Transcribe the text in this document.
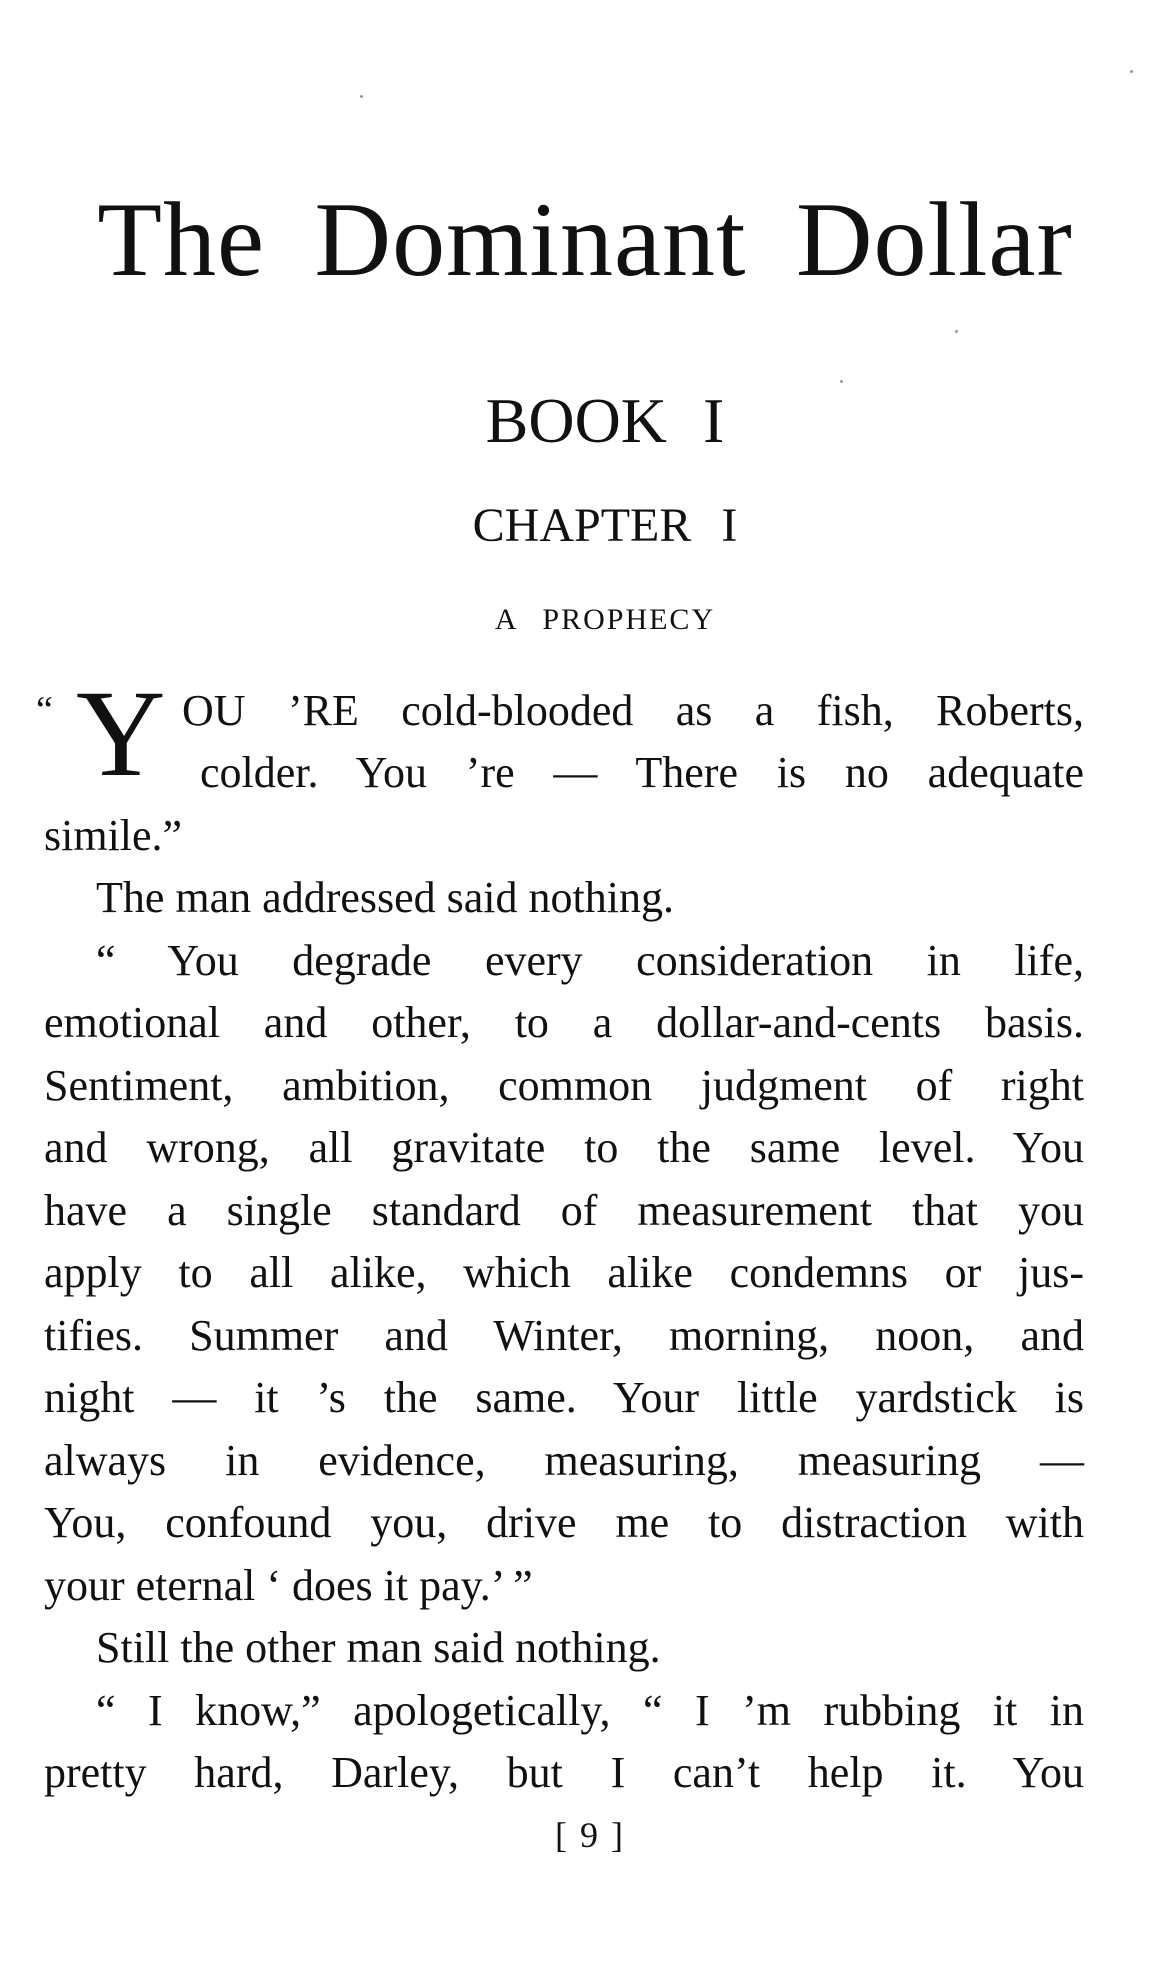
The Dominant Dollar
BOOK I
CHAPTER I
A PROPHECY
“ Y OU ’RE cold-blooded as a fish, Roberts,
colder. You ’re — There is no adequate
simile.”
The man addressed said nothing.
“ You degrade every consideration in life,
emotional and other, to a dollar-and-cents basis.
Sentiment, ambition, common judgment of right
and wrong, all gravitate to the same level. You
have a single standard of measurement that you
apply to all alike, which alike condemns or jus-
tifies. Summer and Winter, morning, noon, and
night — it ’s the same. Your little yardstick is
always in evidence, measuring, measuring —
You, confound you, drive me to distraction with
your eternal ‘ does it pay.’ ”
Still the other man said nothing.
“ I know,” apologetically, “ I ’m rubbing it in
pretty hard, Darley, but I can’t help it. You
[ 9 ]
